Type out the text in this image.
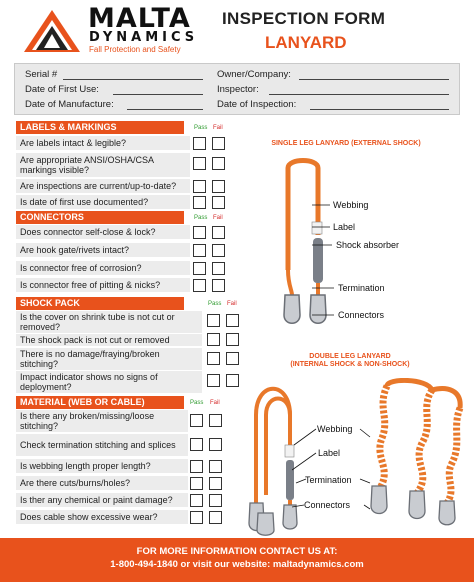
MALTA
DYNAMICS
Fall Protection and Safety
INSPECTION FORM
LANYARD
Serial #	Owner/Company:
Date of First Use:	Inspector:
Date of Manufacture:	Date of Inspection:
LABELS & MARKINGS	Pass Fail
Are labels intact & legible?
Are appropriate ANSI/OSHA/CSA markings visible?
Are inspections are current/up-to-date?
Is date of first use documented?
CONNECTORS	Pass Fail
Does connector self-close & lock?
Are hook gate/rivets intact?
Is connector free of corrosion?
Is connector free of pitting & nicks?
SHOCK PACK	Pass Fail
Is the cover on shrink tube is not cut or removed?
The shock pack is not cut or removed
There is no damage/fraying/broken stitching?
Impact indicator shows no signs of deployment?
MATERIAL (WEB OR CABLE)	Pass Fail
Is there any broken/missing/loose stitching?
Check termination stitching and splices
Is webbing length proper length?
Are there cuts/burns/holes?
Is ther any chemical or paint damage?
Does cable show excessive wear?
SINGLE LEG LANYARD (EXTERNAL SHOCK)
Webbing
Label
Shock absorber
Termination
Connectors
DOUBLE LEG LANYARD
(INTERNAL SHOCK & NON-SHOCK)
Webbing
Label
Termination
Connectors
FOR MORE INFORMATION CONTACT US AT:
1-800-494-1840 or visit our website: maltadynamics.com
